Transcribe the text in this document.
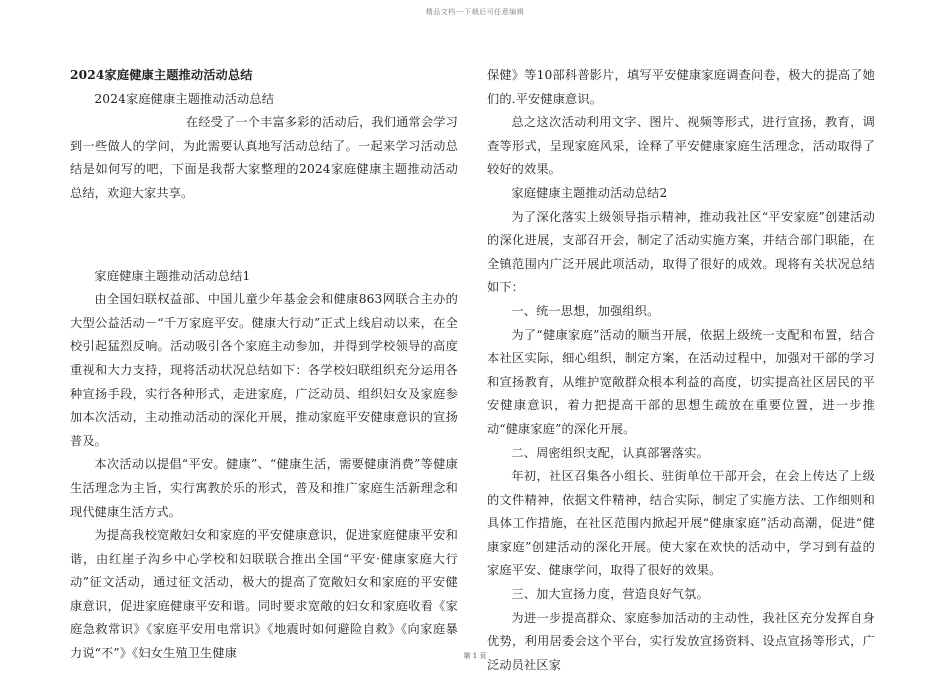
精品文档---下载后可任意编辑

2024家庭健康主题推动活动总结

2024家庭健康主题推动活动总结

在经受了一个丰富多彩的活动后，我们通常会学习到一些做人的学问，为此需要认真地写活动总结了。一起来学习活动总结是如何写的吧，下面是我帮大家整理的2024家庭健康主题推动活动总结，欢迎大家共享。

家庭健康主题推动活动总结1

由全国妇联权益部、中国儿童少年基金会和健康863网联合主办的大型公益活动－“千万家庭平安。健康大行动”正式上线启动以来，在全校引起猛烈反响。活动吸引各个家庭主动参加，并得到学校领导的高度重视和大力支持，现将活动状况总结如下：各学校妇联组织充分运用各种宣扬手段，实行各种形式，走进家庭，广泛动员、组织妇女及家庭参加本次活动，主动推动活动的深化开展，推动家庭平安健康意识的宣扬普及。

本次活动以提倡“平安。健康”、“健康生活，需要健康消费”等健康生活理念为主旨，实行寓教於乐的形式，普及和推广家庭生活新理念和现代健康生活方式。

为提高我校宽敞妇女和家庭的平安健康意识，促进家庭健康平安和谐，由红崖子沟乡中心学校和妇联联合推出全国“平安·健康家庭大行动”征文活动，通过征文活动，极大的提高了宽敞妇女和家庭的平安健康意识，促进家庭健康平安和谐。同时要求宽敞的妇女和家庭收看《家庭急救常识》《家庭平安用电常识》《地震时如何避险自救》《向家庭暴力说“不”》《妇女生殖卫生健康

保健》等10部科普影片，填写平安健康家庭调查问卷，极大的提高了她们的.平安健康意识。

总之这次活动利用文字、图片、视频等形式，进行宣扬，教育，调查等形式，呈现家庭风采，诠释了平安健康家庭生活理念，活动取得了较好的效果。

家庭健康主题推动活动总结2

为了深化落实上级领导指示精神，推动我社区“平安家庭”创建活动的深化进展，支部召开会，制定了活动实施方案，并结合部门职能，在全镇范围内广泛开展此项活动，取得了很好的成效。现将有关状况总结如下：

一、统一思想，加强组织。

为了“健康家庭”活动的顺当开展，依据上级统一支配和布置，结合本社区实际，细心组织，制定方案，在活动过程中，加强对干部的学习和宣扬教育，从维护宽敞群众根本利益的高度，切实提高社区居民的平安健康意识，着力把提高干部的思想生疏放在重要位置，进一步推动“健康家庭”的深化开展。

二、周密组织支配，认真部署落实。

年初，社区召集各小组长、驻街单位干部开会，在会上传达了上级的文件精神，依据文件精神，结合实际，制定了实施方法、工作细则和具体工作措施，在社区范围内掀起开展“健康家庭”活动高潮，促进“健康家庭”创建活动的深化开展。使大家在欢快的活动中，学习到有益的家庭平安、健康学问，取得了很好的效果。

三、加大宣扬力度，营造良好气氛。

为进一步提高群众、家庭参加活动的主动性，我社区充分发挥自身优势，利用居委会这个平台，实行发放宣扬资料、设点宣扬等形式，广泛动员社区家

第 1 页
